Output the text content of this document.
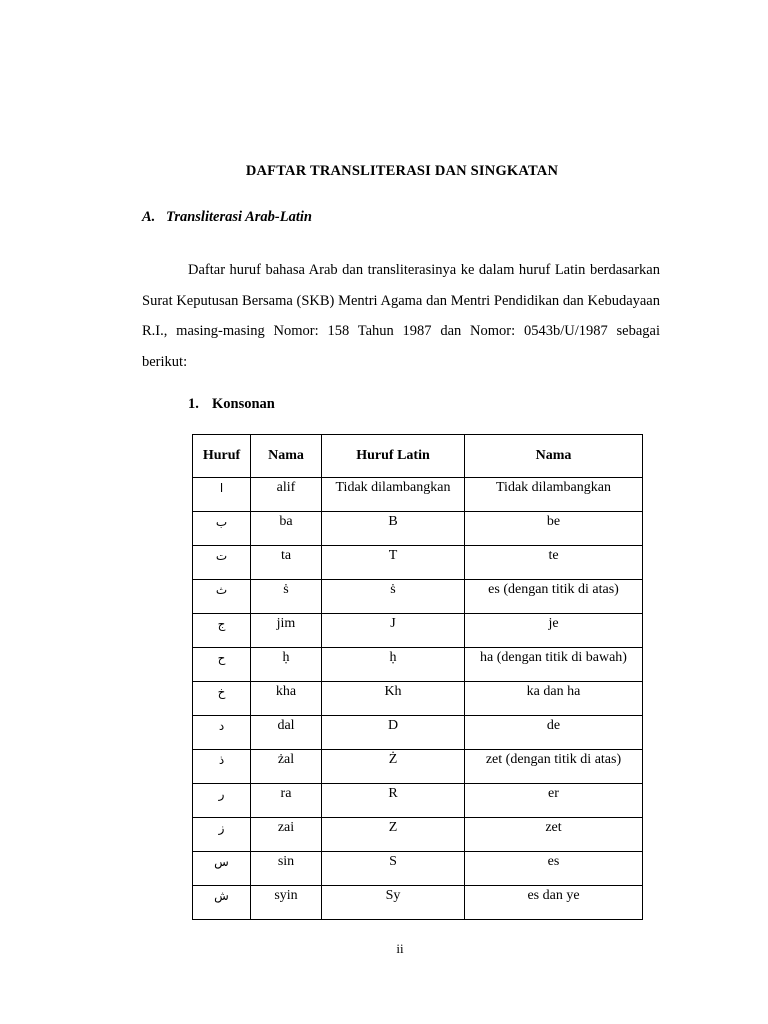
DAFTAR TRANSLITERASI DAN SINGKATAN
A. Transliterasi Arab-Latin

Daftar huruf bahasa Arab dan transliterasinya ke dalam huruf Latin berdasarkan Surat Keputusan Bersama (SKB) Mentri Agama dan Mentri Pendidikan dan Kebudayaan R.I., masing-masing Nomor: 158 Tahun 1987 dan Nomor: 0543b/U/1987 sebagai berikut:

1. Konsonan
Huruf	Nama	Huruf Latin	Nama
ا	alif	Tidak dilambangkan	Tidak dilambangkan
ب	ba	B	be
ت	ta	T	te
ث	ṡ	ṡ	es (dengan titik di atas)
ج	jim	J	je
ح	ḥ	ḥ	ha (dengan titik di bawah)
خ	kha	Kh	ka dan ha
د	dal	D	de
ذ	żal	Ż	zet (dengan titik di atas)
ر	ra	R	er
ز	zai	Z	zet
س	sin	S	es
ش	syin	Sy	es dan ye

ii
